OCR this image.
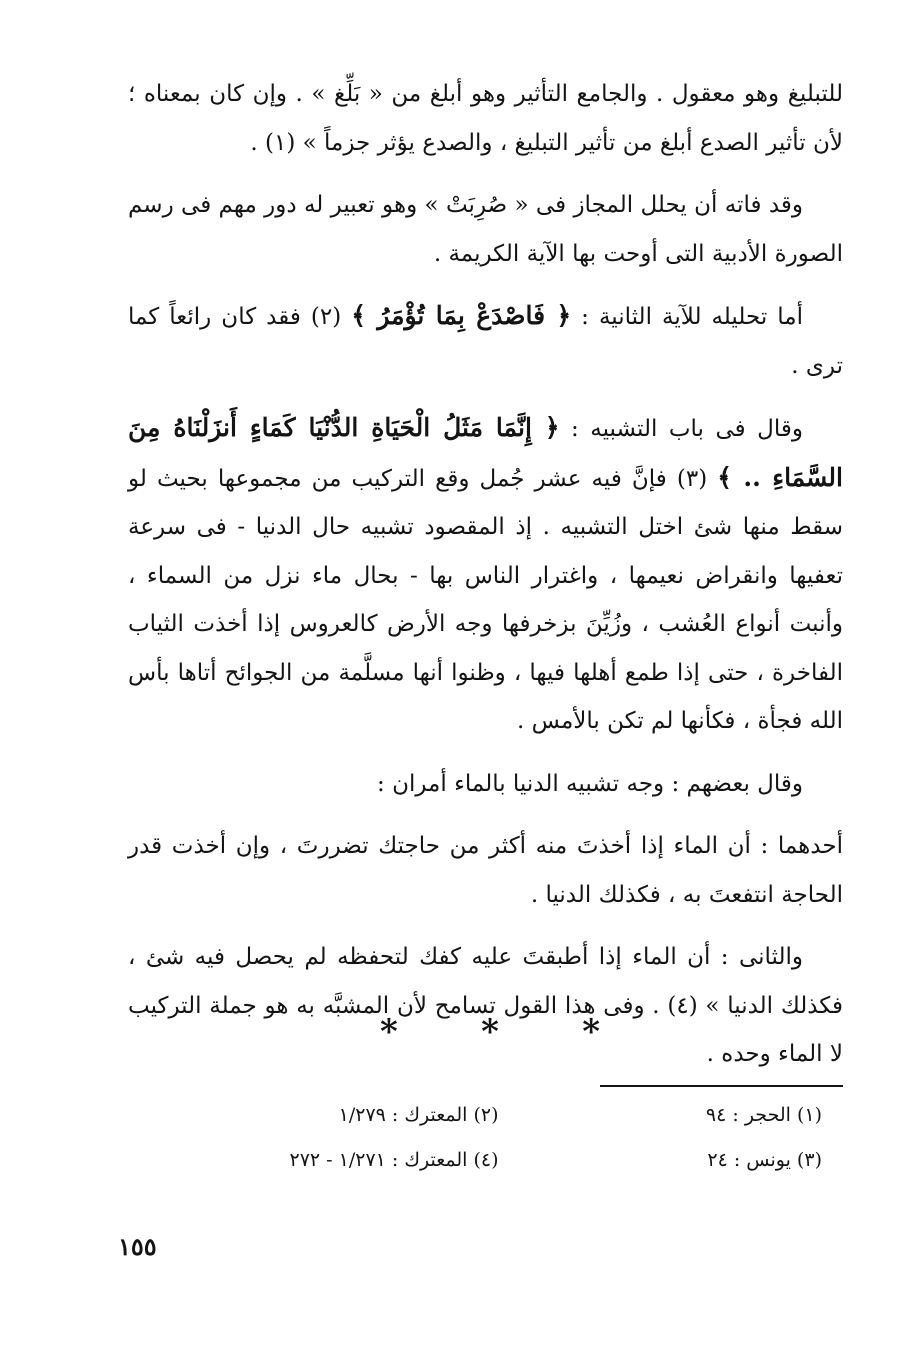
للتبليغ وهو معقول . والجامع التأثير وهو أبلغ من « بَلِّغ » . وإن كان بمعناه ؛ لأن تأثير الصدع أبلغ من تأثير التبليغ ، والصدع يؤثر جزماً » (١) .

وقد فاته أن يحلل المجاز فى « صُرِبَتْ » وهو تعبير له دور مهم فى رسم الصورة الأدبية التى أوحت بها الآية الكريمة .

أما تحليله للآية الثانية : ﴿ فَاصْدَعْ بِمَا تُؤْمَرُ ﴾ (٢) فقد كان رائعاً كما ترى .

وقال فى باب التشبيه : ﴿ إِنَّمَا مَثَلُ الْحَيَاةِ الدُّنْيَا كَمَاءٍ أَنزَلْنَاهُ مِنَ السَّمَاءِ .. ﴾ (٣) فإنَّ فيه عشر جُمل وقع التركيب من مجموعها بحيث لو سقط منها شئ اختل التشبيه . إذ المقصود تشبيه حال الدنيا - فى سرعة تعفيها وانقراض نعيمها ، واغترار الناس بها - بحال ماء نزل من السماء ، وأنبت أنواع العُشب ، وزُيِّنَ بزخرفها وجه الأرض كالعروس إذا أخذت الثياب الفاخرة ، حتى إذا طمع أهلها فيها ، وظنوا أنها مسلَّمة من الجوائح أتاها بأس الله فجأة ، فكأنها لم تكن بالأمس .

وقال بعضهم : وجه تشبيه الدنيا بالماء أمران :

أحدهما : أن الماء إذا أخذتَ منه أكثر من حاجتك تضررتَ ، وإن أخذت قدر الحاجة انتفعتَ به ، فكذلك الدنيا .

والثانى : أن الماء إذا أطبقتَ عليه كفك لتحفظه لم يحصل فيه شئ ، فكذلك الدنيا » (٤) . وفى هذا القول تسامح لأن المشبَّه به هو جملة التركيب لا الماء وحده .

*
*
*
(١) الحجر : ٩٤
(٢) المعترك : ١/٢٧٩
(٣) يونس : ٢٤
(٤) المعترك : ١/٢٧١ - ٢٧٢
١٥٥
